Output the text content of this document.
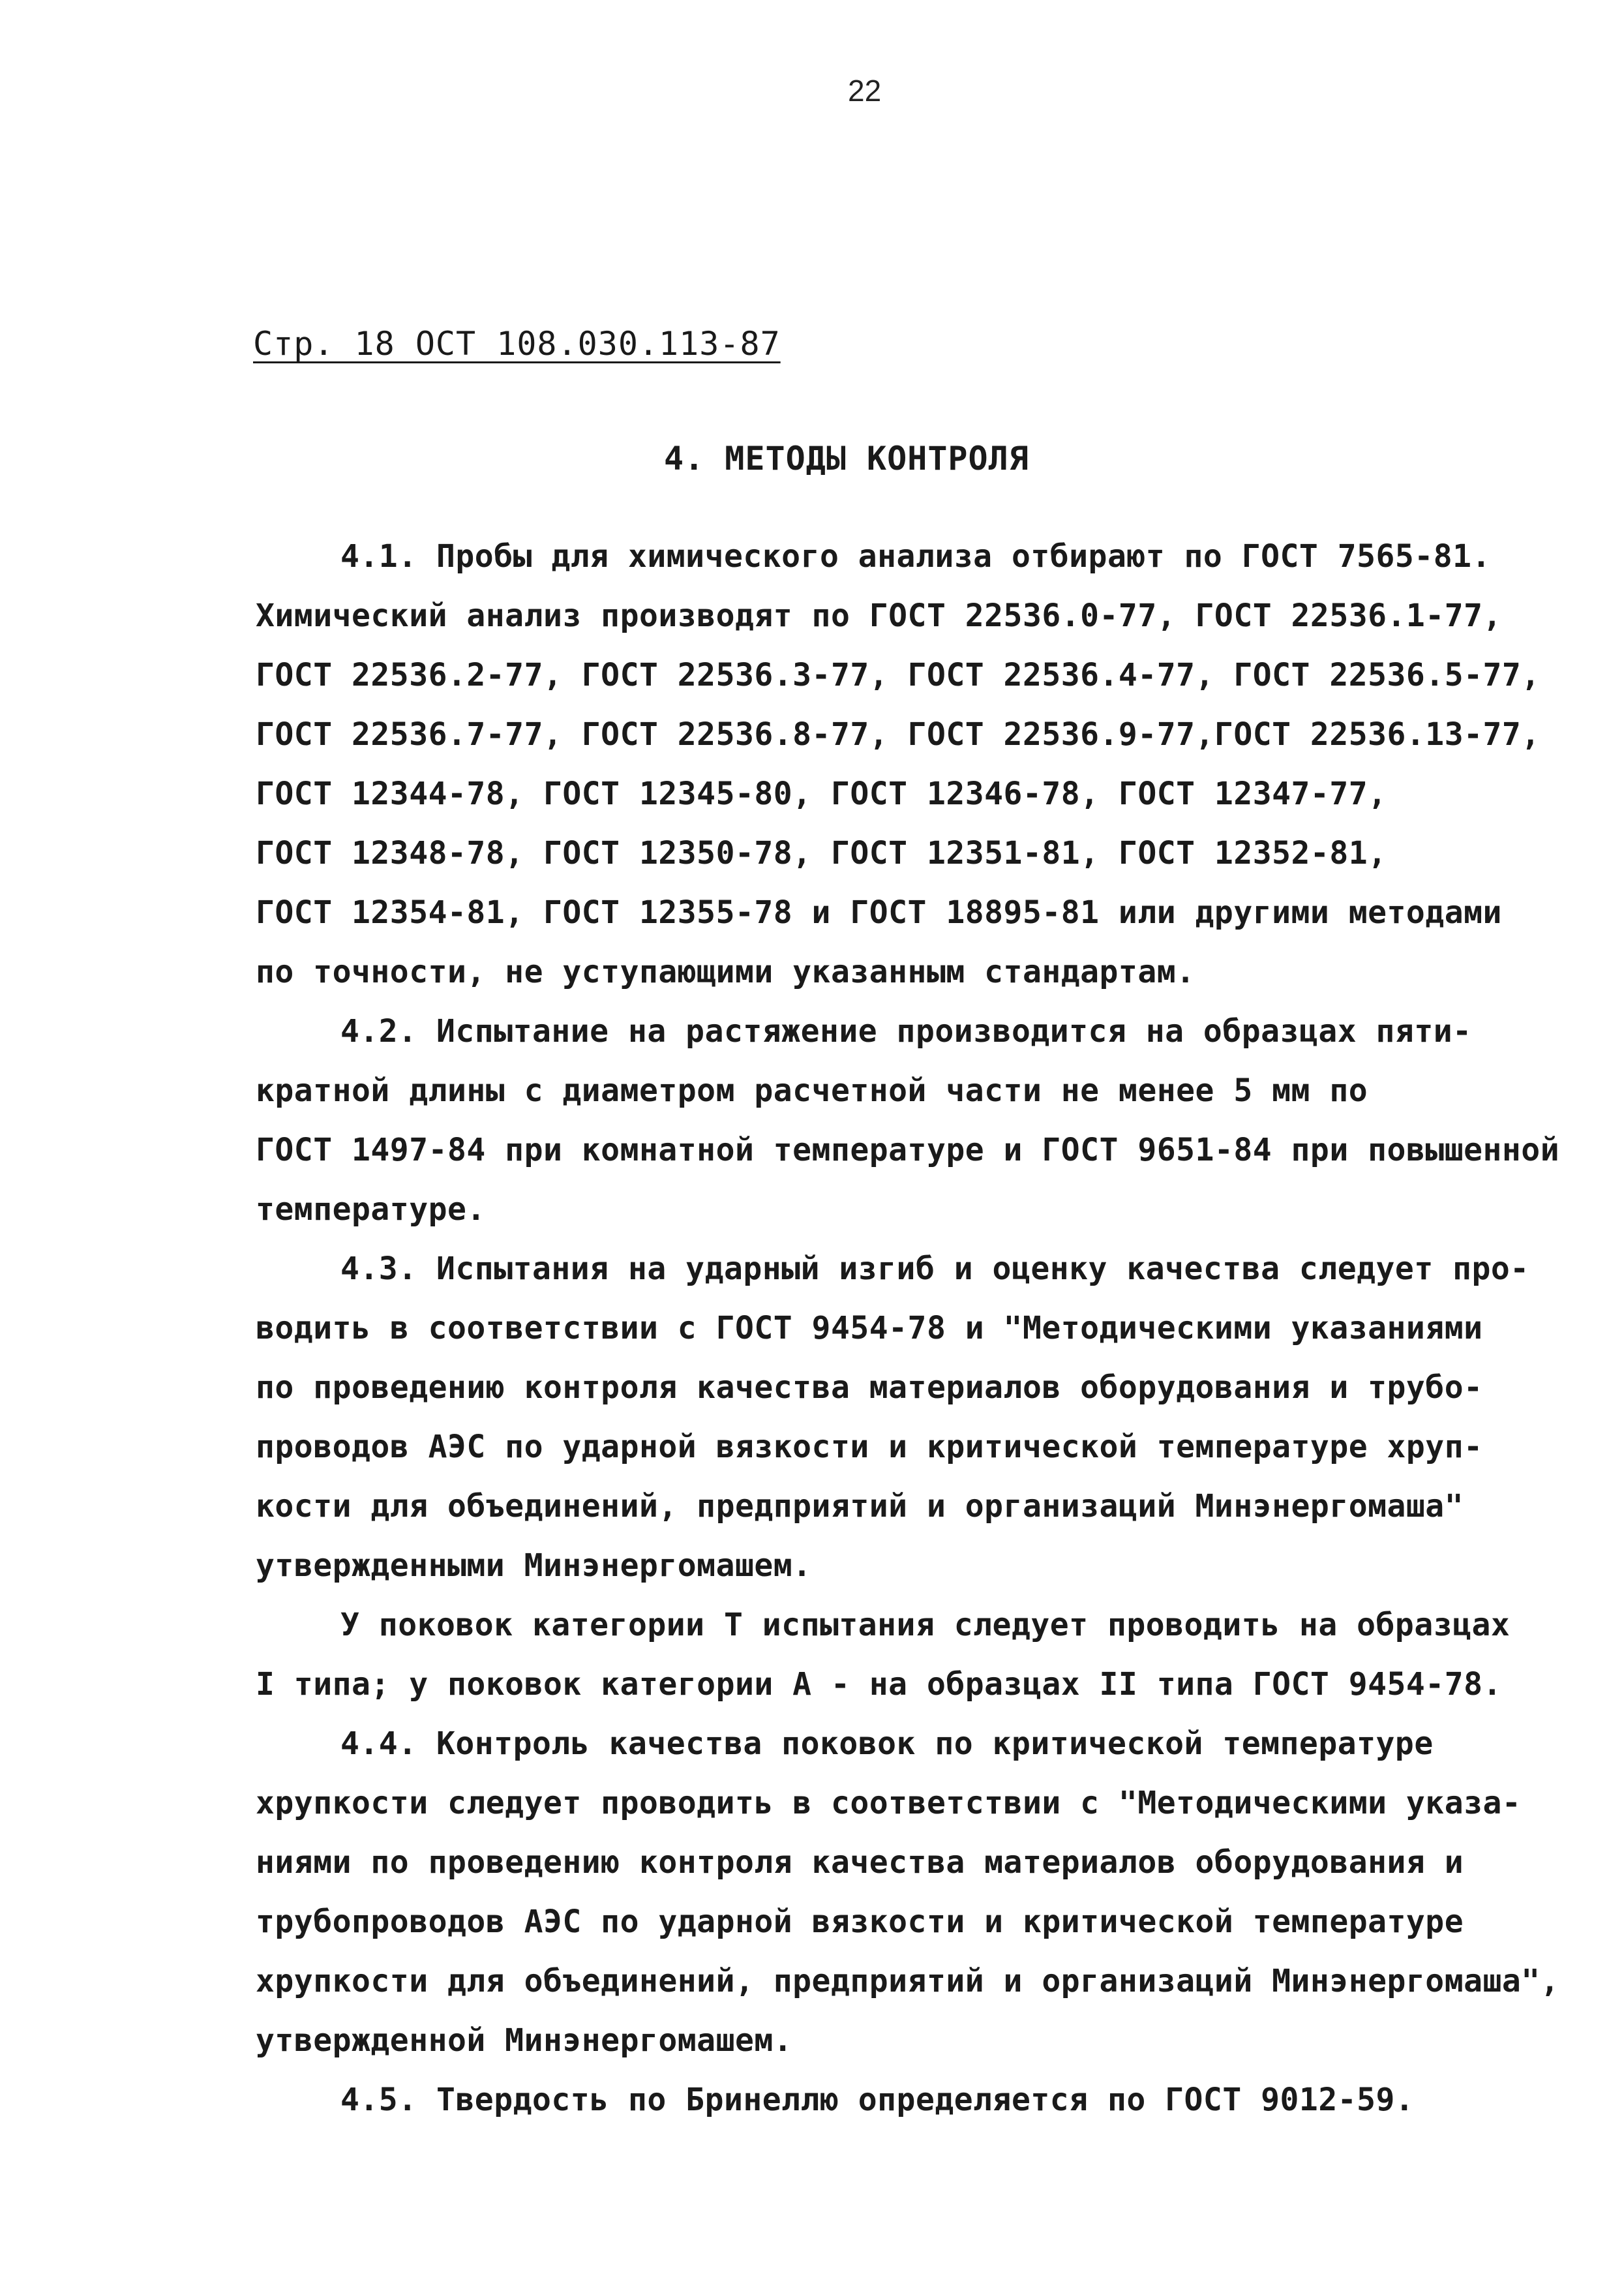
22
Стр. 18 ОСТ 108.030.113-87
4. МЕТОДЫ КОНТРОЛЯ
4.1. Пробы для химического анализа отбирают по ГОСТ 7565-81.
Химический анализ производят по ГОСТ 22536.0-77, ГОСТ 22536.1-77,
ГОСТ 22536.2-77, ГОСТ 22536.3-77, ГОСТ 22536.4-77, ГОСТ 22536.5-77,
ГОСТ 22536.7-77, ГОСТ 22536.8-77, ГОСТ 22536.9-77,ГОСТ 22536.13-77,
ГОСТ 12344-78, ГОСТ 12345-80, ГОСТ 12346-78, ГОСТ 12347-77,
ГОСТ 12348-78, ГОСТ 12350-78, ГОСТ 12351-81, ГОСТ 12352-81,
ГОСТ 12354-81, ГОСТ 12355-78 и ГОСТ 18895-81 или другими методами
по точности, не уступающими указанным стандартам.
4.2. Испытание на растяжение производится на образцах пяти-
кратной длины с диаметром расчетной части не менее 5 мм по
ГОСТ 1497-84 при комнатной температуре и ГОСТ 9651-84 при повышенной
температуре.
4.3. Испытания на ударный изгиб и оценку качества следует про-
водить в соответствии с ГОСТ 9454-78 и "Методическими указаниями
по проведению контроля качества материалов оборудования и трубо-
проводов АЭС по ударной вязкости и критической температуре хруп-
кости для объединений, предприятий и организаций Минэнергомаша"
утвержденными Минэнергомашем.
У поковок категории Т испытания следует проводить на образцах
I типа; у поковок категории А - на образцах II типа ГОСТ 9454-78.
4.4. Контроль качества поковок по критической температуре
хрупкости следует проводить в соответствии с "Методическими указа-
ниями по проведению контроля качества материалов оборудования и
трубопроводов АЭС по ударной вязкости и критической температуре
хрупкости для объединений, предприятий и организаций Минэнергомаша",
утвержденной Минэнергомашем.
4.5. Твердость по Бринеллю определяется по ГОСТ 9012-59.
